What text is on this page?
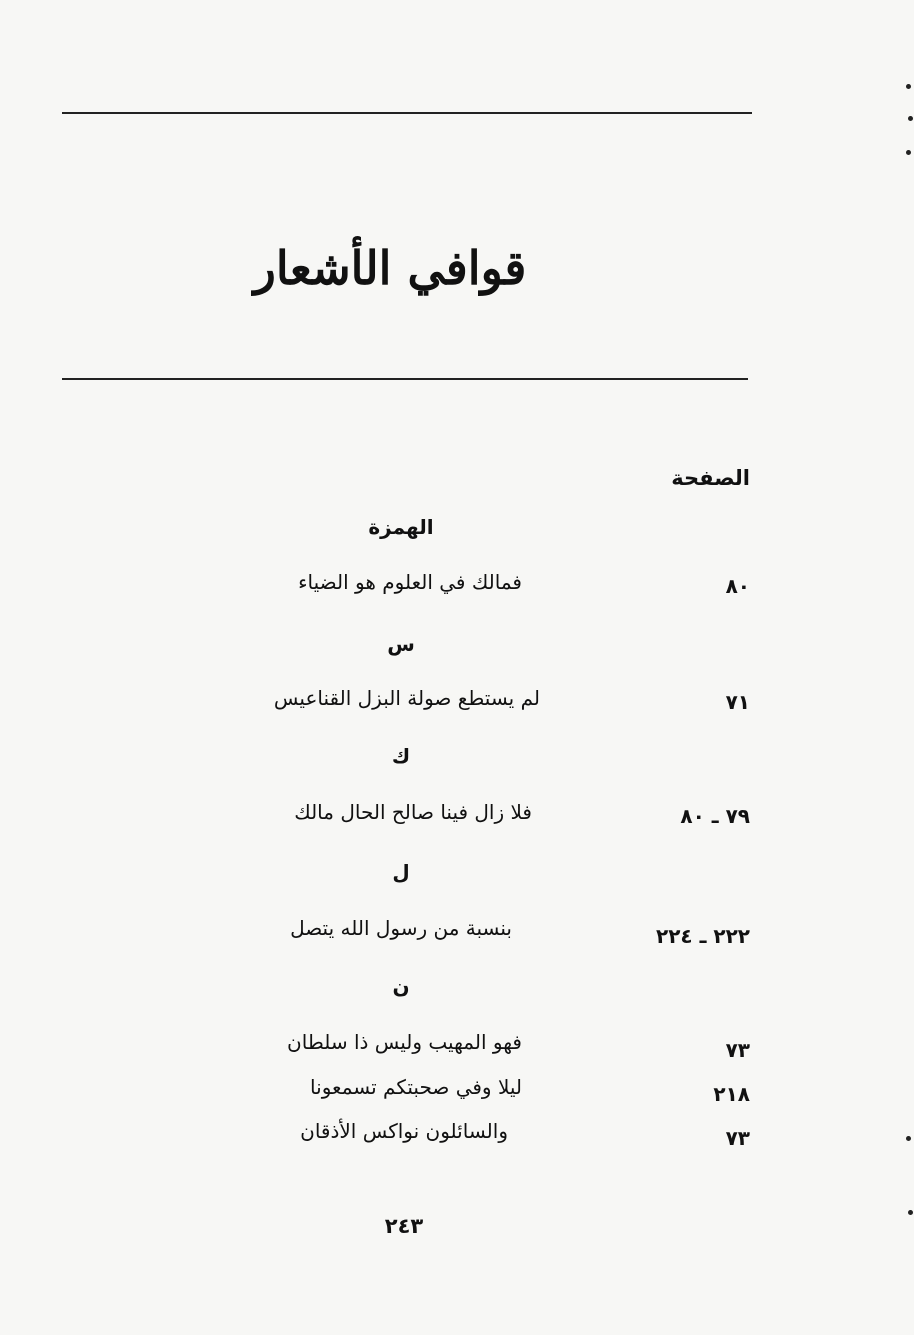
قوافي الأشعار
الصفحة
الهمزة
فمالك في العلوم هو الضياء	٨٠
س
لم يستطع صولة البزل القناعيس	٧١
ك
فلا زال فينا صالح الحال مالك	٧٩ ـ ٨٠
ل
بنسبة من رسول الله يتصل	٢٢٢ ـ ٢٢٤
ن
فهو المهيب وليس ذا سلطان	٧٣
ليلا وفي صحبتكم تسمعونا	٢١٨
والسائلون نواكس الأذقان	٧٣
٢٤٣
